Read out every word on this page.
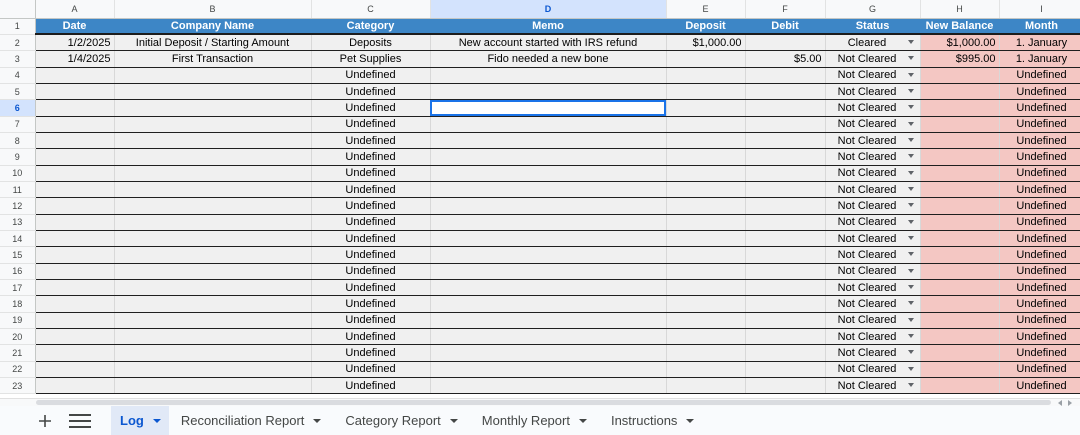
	A	B	C	D	E	F	G	H	I
1	Date	Company Name	Category	Memo	Deposit	Debit	Status	New Balance	Month
2	1/2/2025	Initial Deposit / Starting Amount	Deposits	New account started with IRS refund	$1,000.00		Cleared	$1,000.00	1. January
3	1/4/2025	First Transaction	Pet Supplies	Fido needed a new bone		$5.00	Not Cleared	$995.00	1. January
4			Undefined				Not Cleared		Undefined
5			Undefined				Not Cleared		Undefined
6			Undefined				Not Cleared		Undefined
7			Undefined				Not Cleared		Undefined
8			Undefined				Not Cleared		Undefined
9			Undefined				Not Cleared		Undefined
10			Undefined				Not Cleared		Undefined
11			Undefined				Not Cleared		Undefined
12			Undefined				Not Cleared		Undefined
13			Undefined				Not Cleared		Undefined
14			Undefined				Not Cleared		Undefined
15			Undefined				Not Cleared		Undefined
16			Undefined				Not Cleared		Undefined
17			Undefined				Not Cleared		Undefined
18			Undefined				Not Cleared		Undefined
19			Undefined				Not Cleared		Undefined
20			Undefined				Not Cleared		Undefined
21			Undefined				Not Cleared		Undefined
22			Undefined				Not Cleared		Undefined
23			Undefined				Not Cleared		Undefined
Log	Reconciliation Report	Category Report	Monthly Report	Instructions
